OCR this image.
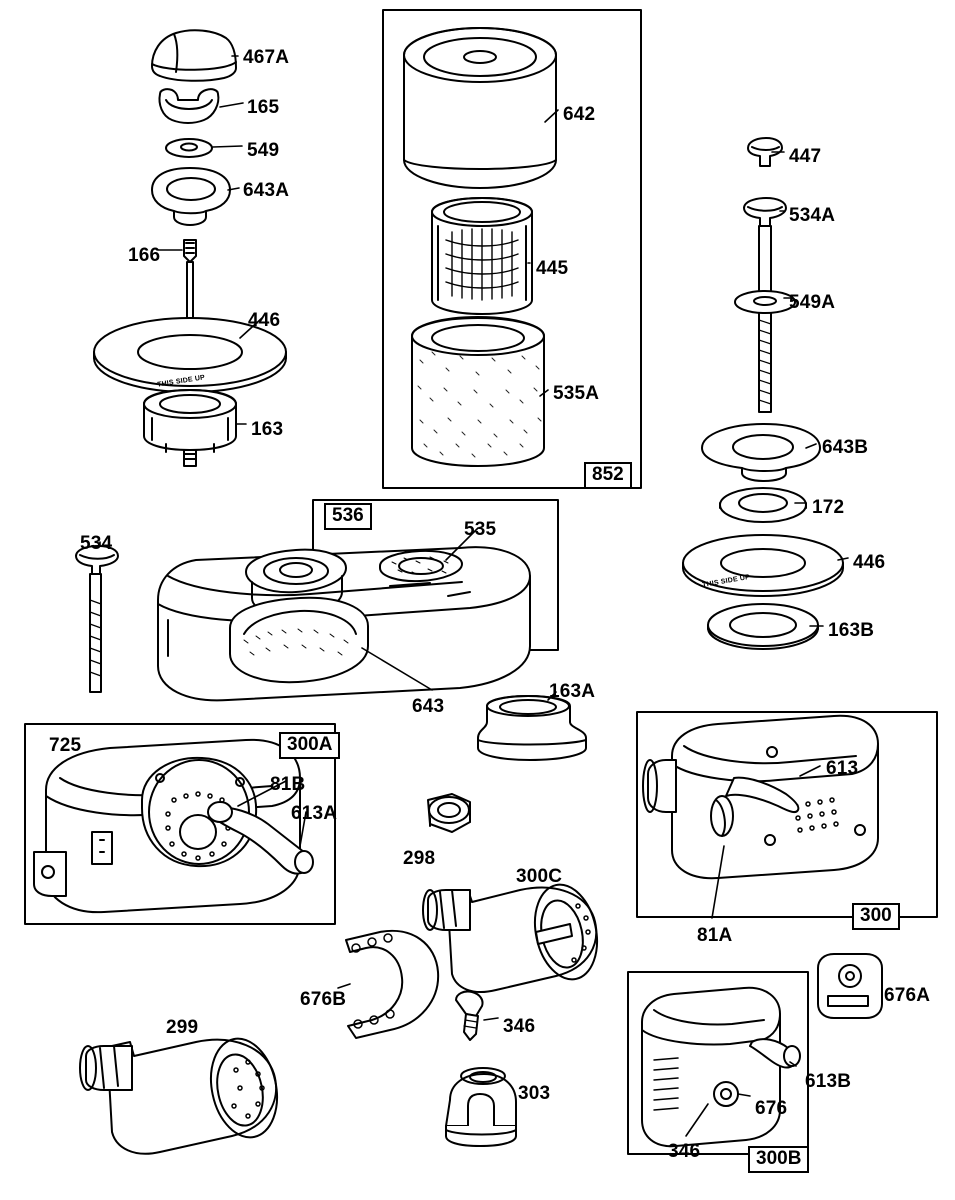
467A
165
549
643A
166
446
163
642
445
535A
852
447
534A
549A
643B
172
446
163B
536
535
534
643
163A
725	300A
81B
613A
298
300C
613
81A
300
676B
346
299
303
676A
613B
676
346	300B
THIS SIDE UP
THIS SIDE UP
